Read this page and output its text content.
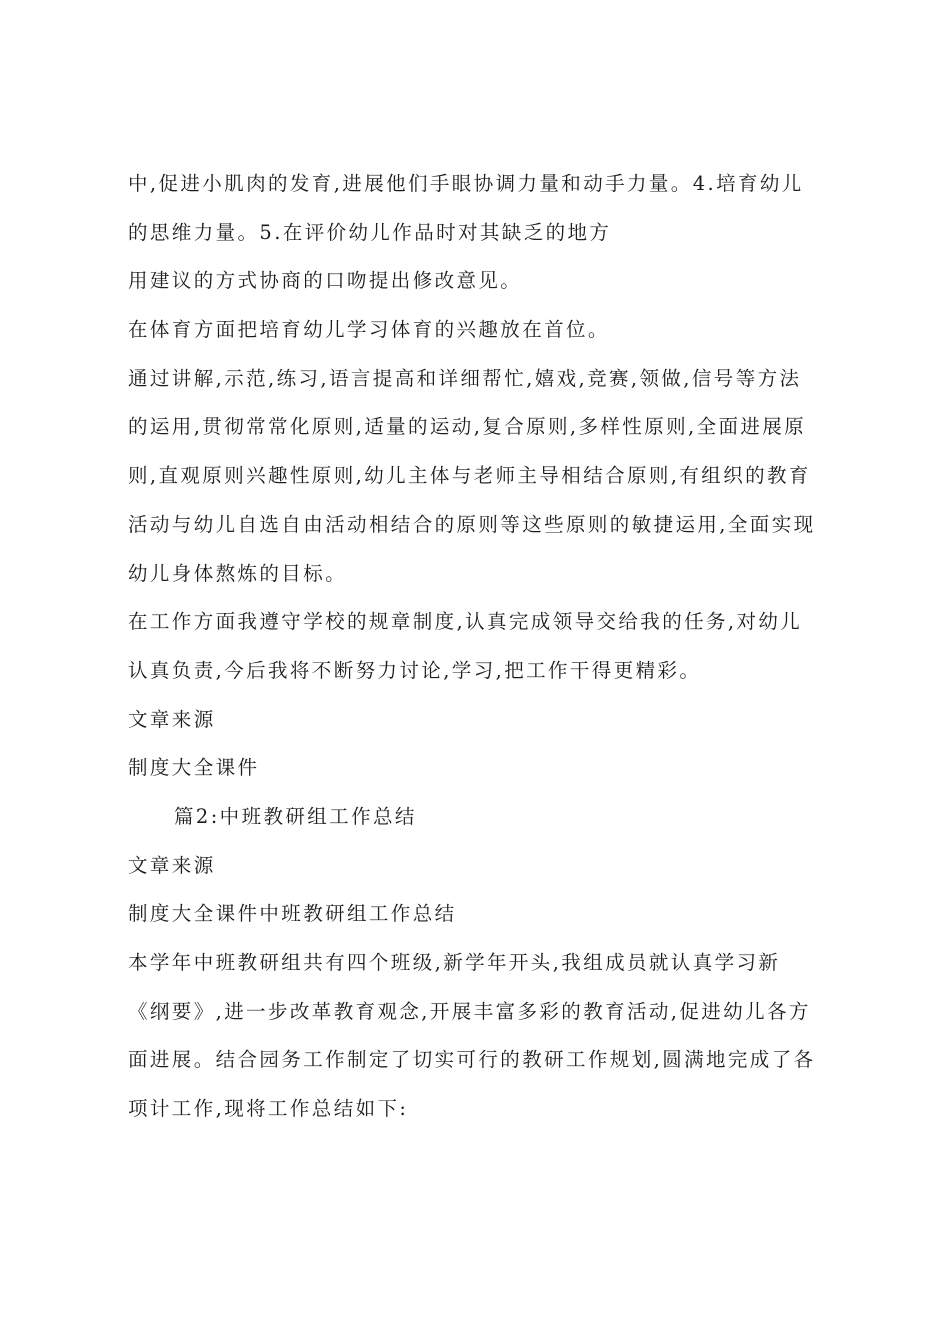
中,促进小肌肉的发育,进展他们手眼协调力量和动手力量。4.培育幼儿
的思维力量。5.在评价幼儿作品时对其缺乏的地方
用建议的方式协商的口吻提出修改意见。
在体育方面把培育幼儿学习体育的兴趣放在首位。
通过讲解,示范,练习,语言提高和详细帮忙,嬉戏,竞赛,领做,信号等方法
的运用,贯彻常常化原则,适量的运动,复合原则,多样性原则,全面进展原
则,直观原则兴趣性原则,幼儿主体与老师主导相结合原则,有组织的教育
活动与幼儿自选自由活动相结合的原则等这些原则的敏捷运用,全面实现
幼儿身体熬炼的目标。
在工作方面我遵守学校的规章制度,认真完成领导交给我的任务,对幼儿
认真负责,今后我将不断努力讨论,学习,把工作干得更精彩。
文章来源
制度大全课件
篇2:中班教研组工作总结
文章来源
制度大全课件中班教研组工作总结
本学年中班教研组共有四个班级,新学年开头,我组成员就认真学习新
《纲要》,进一步改革教育观念,开展丰富多彩的教育活动,促进幼儿各方
面进展。结合园务工作制定了切实可行的教研工作规划,圆满地完成了各
项计工作,现将工作总结如下:
